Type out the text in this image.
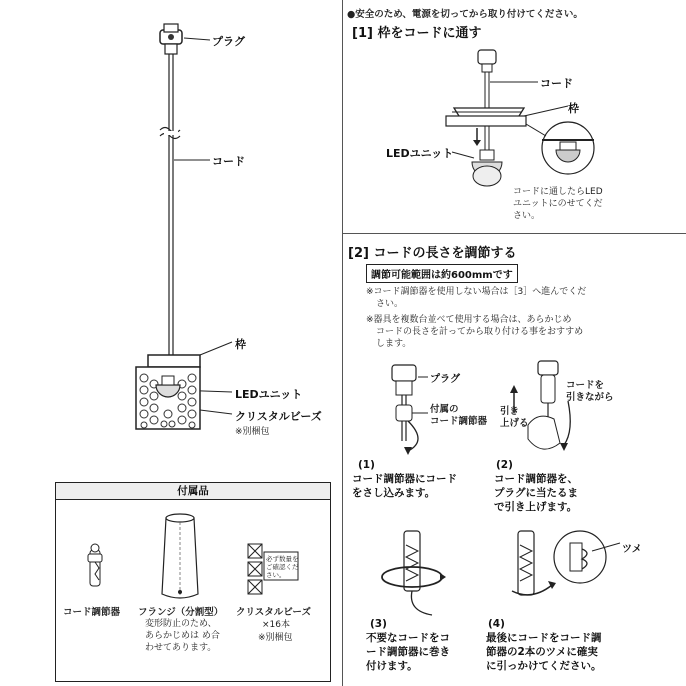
プラグ
コード
枠
LEDユニット
クリスタルビーズ
※別梱包
付属品
コード調節器 フランジ（分割型）
変形防止のため、
あらかじめは め合
わせてあります。
クリスタルビーズ
×16本
※別梱包
必ず数量を
ご確認くだ
さい。
●安全のため、電源を切ってから取り付けてください。
[1] 枠をコードに通す
コード
枠
LEDユニット
コードに通したらLED
ユニットにのせてくだ
さい。
[2] コードの長さを調節する
調節可能範囲は約600mmです
※コード調節器を使用しない場合は［3］へ進んでくだ
さい。
※器具を複数台並べて使用する場合は、あらかじめ
コードの長さを計ってから取り付ける事をおすすめ
します。
プラグ
付属の
コード調節器
引き
上げる
コードを
引きながら
ツメ
(1)
コード調節器にコード
をさし込みます。
(2)
コード調節器を、
プラグに当たるま
で引き上げます。
(3)
不要なコードをコ
ード調節器に巻き
付けます。
(4)
最後にコードをコード調
節器の2本のツメに確実
に引っかけてください。
